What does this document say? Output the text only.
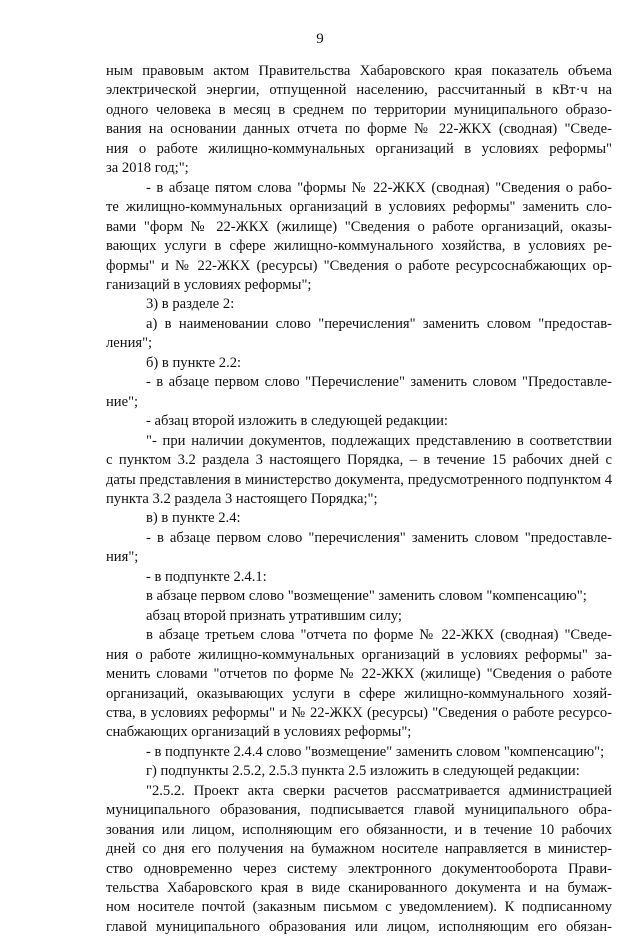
9
ным правовым актом Правительства Хабаровского края показатель объема
электрической энергии, отпущенной населению, рассчитанный в кВт·ч на
одного человека в месяц в среднем по территории муниципального образо-
вания на основании данных отчета по форме № 22-ЖКХ (сводная) "Сведе-
ния о работе жилищно-коммунальных организаций в условиях реформы"
за 2018 год;";
- в абзаце пятом слова "формы № 22-ЖКХ (сводная) "Сведения о рабо-
те жилищно-коммунальных организаций в условиях реформы" заменить сло-
вами "форм № 22-ЖКХ (жилище) "Сведения о работе организаций, оказы-
вающих услуги в сфере жилищно-коммунального хозяйства, в условиях ре-
формы" и № 22-ЖКХ (ресурсы) "Сведения о работе ресурсоснабжающих ор-
ганизаций в условиях реформы";
3) в разделе 2:
а) в наименовании слово "перечисления" заменить словом "предостав-
ления";
б) в пункте 2.2:
- в абзаце первом слово "Перечисление" заменить словом "Предоставле-
ние";
- абзац второй изложить в следующей редакции:
"- при наличии документов, подлежащих представлению в соответствии
с пунктом 3.2 раздела 3 настоящего Порядка, – в течение 15 рабочих дней с
даты представления в министерство документа, предусмотренного подпунктом 4
пункта 3.2 раздела 3 настоящего Порядка;";
в) в пункте 2.4:
- в абзаце первом слово "перечисления" заменить словом "предоставле-
ния";
- в подпункте 2.4.1:
в абзаце первом слово "возмещение" заменить словом "компенсацию";
абзац второй признать утратившим силу;
в абзаце третьем слова "отчета по форме № 22-ЖКХ (сводная) "Сведе-
ния о работе жилищно-коммунальных организаций в условиях реформы" за-
менить словами "отчетов по форме № 22-ЖКХ (жилище) "Сведения о работе
организаций, оказывающих услуги в сфере жилищно-коммунального хозяй-
ства, в условиях реформы" и № 22-ЖКХ (ресурсы) "Сведения о работе ресурсо-
снабжающих организаций в условиях реформы";
- в подпункте 2.4.4 слово "возмещение" заменить словом "компенсацию";
г) подпункты 2.5.2, 2.5.3 пункта 2.5 изложить в следующей редакции:
"2.5.2. Проект акта сверки расчетов рассматривается администрацией
муниципального образования, подписывается главой муниципального обра-
зования или лицом, исполняющим его обязанности, и в течение 10 рабочих
дней со дня его получения на бумажном носителе направляется в министер-
ство одновременно через систему электронного документооборота Прави-
тельства Хабаровского края в виде сканированного документа и на бумаж-
ном носителе почтой (заказным письмом с уведомлением). К подписанному
главой муниципального образования или лицом, исполняющим его обязан-
